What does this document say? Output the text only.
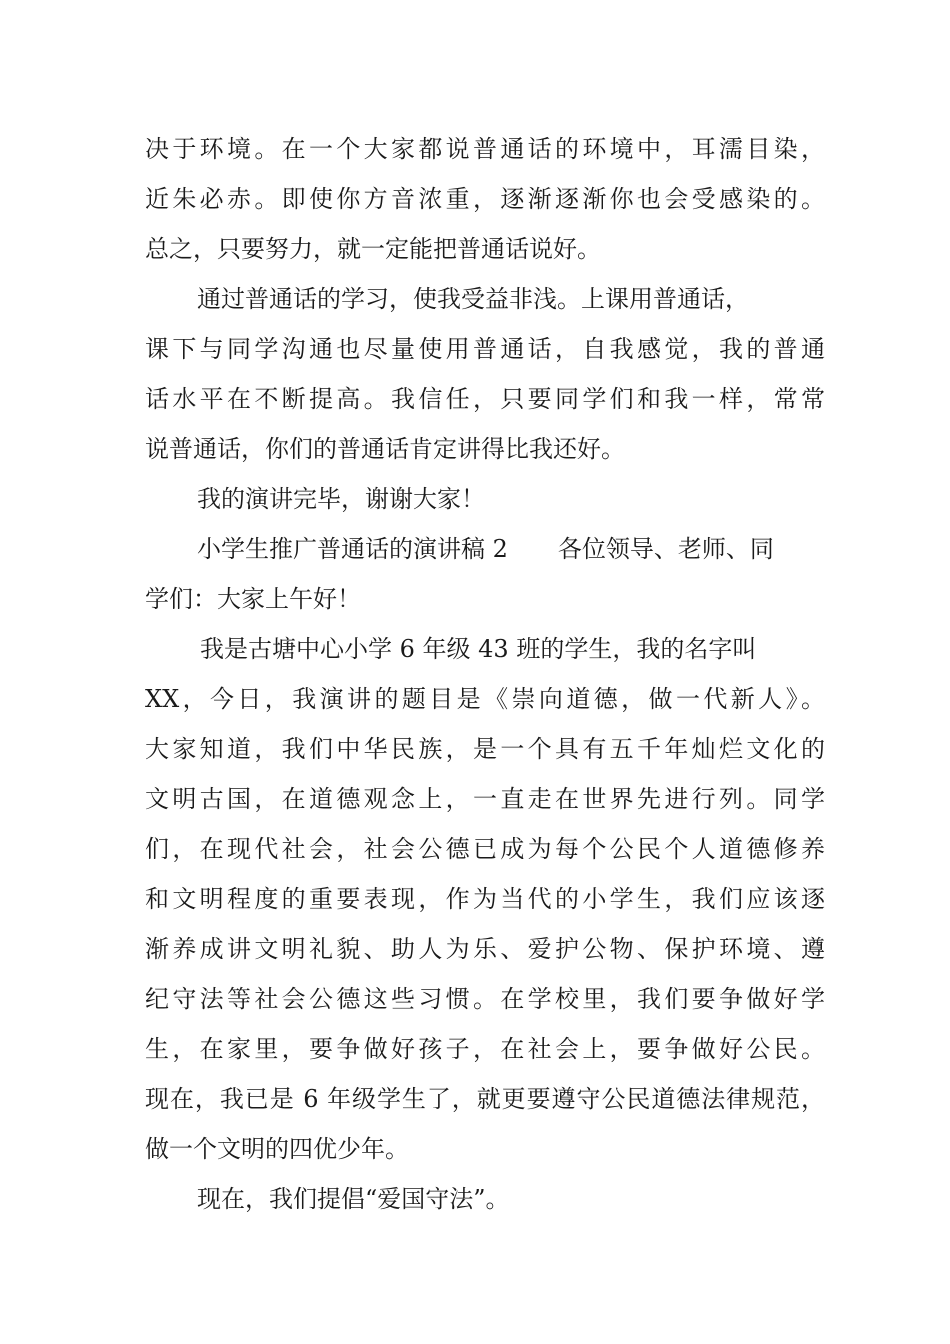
决于环境。在一个大家都说普通话的环境中，耳濡目染，
近朱必赤。即使你方音浓重，逐渐逐渐你也会受感染的。
总之，只要努力，就一定能把普通话说好。
通过普通话的学习，使我受益非浅。上课用普通话，
课下与同学沟通也尽量使用普通话，自我感觉，我的普通
话水平在不断提高。我信任，只要同学们和我一样，常常
说普通话，你们的普通话肯定讲得比我还好。
我的演讲完毕，谢谢大家！
小学生推广普通话的演讲稿 2 各位领导、老师、同
学们：大家上午好！
我是古塘中心小学 6 年级 43 班的学生，我的名字叫
XX，今日，我演讲的题目是《崇向道德，做一代新人》。
大家知道，我们中华民族，是一个具有五千年灿烂文化的
文明古国，在道德观念上，一直走在世界先进行列。同学
们，在现代社会，社会公德已成为每个公民个人道德修养
和文明程度的重要表现，作为当代的小学生，我们应该逐
渐养成讲文明礼貌、助人为乐、爱护公物、保护环境、遵
纪守法等社会公德这些习惯。在学校里，我们要争做好学
生，在家里，要争做好孩子，在社会上，要争做好公民。
现在，我已是 6 年级学生了，就更要遵守公民道德法律规范，
做一个文明的四优少年。
现在，我们提倡“爱国守法”。
